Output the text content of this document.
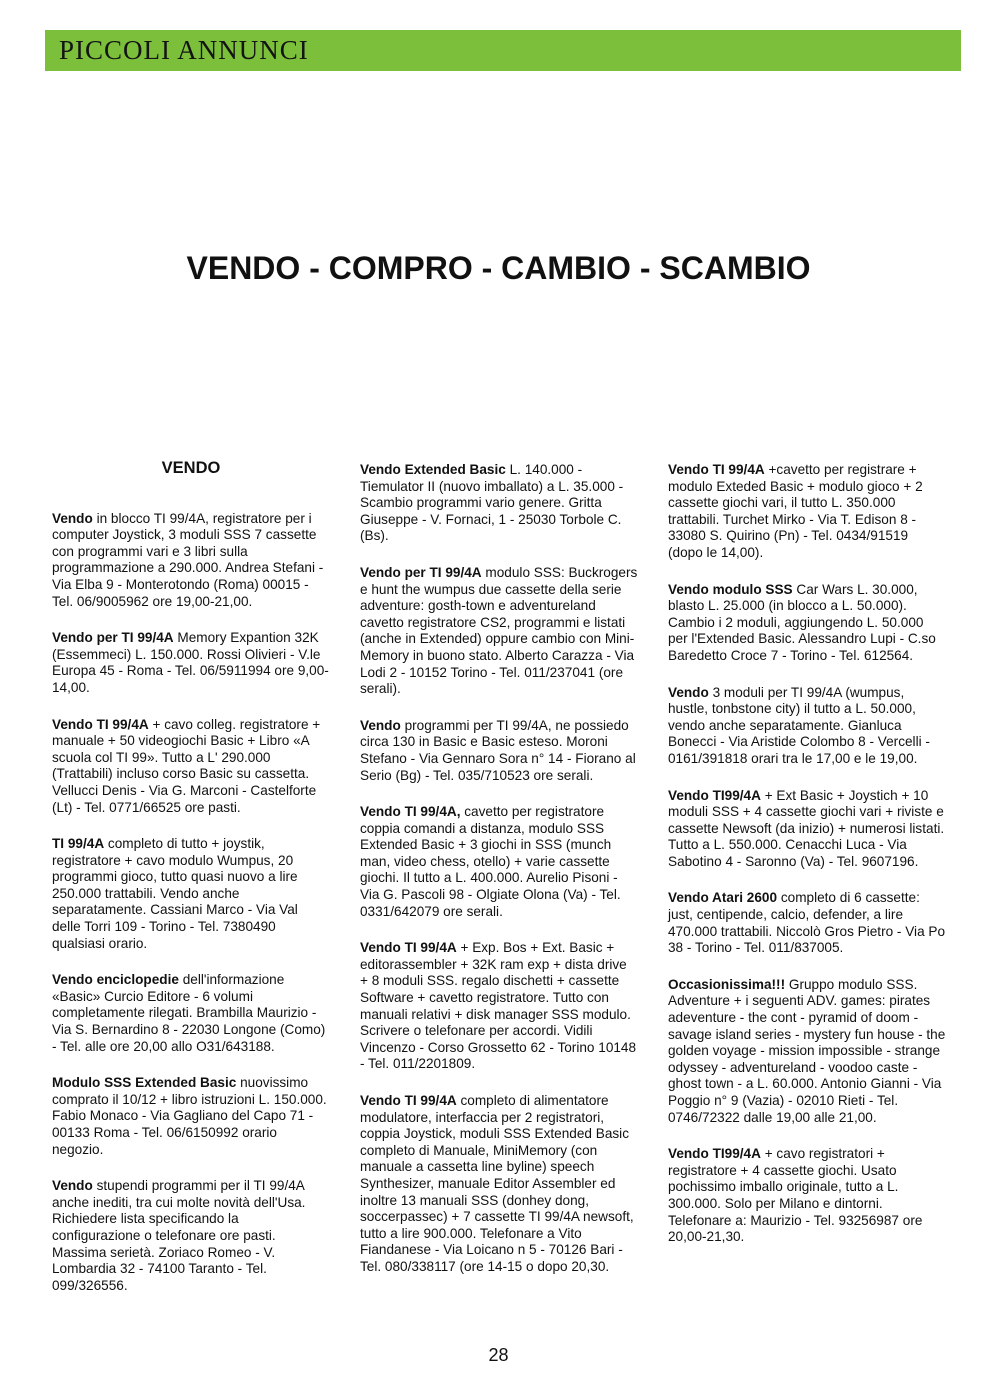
PICCOLI ANNUNCI
VENDO - COMPRO - CAMBIO - SCAMBIO
VENDO

Vendo in blocco TI 99/4A, registratore per i computer Joystick, 3 moduli SSS 7 cassette con programmi vari e 3 libri sulla programmazione a 290.000. Andrea Stefani - Via Elba 9 - Monterotondo (Roma) 00015 - Tel. 06/9005962 ore 19,00-21,00.

Vendo per TI 99/4A Memory Expantion 32K (Essemmeci) L. 150.000. Rossi Olivieri - V.le Europa 45 - Roma - Tel. 06/5911994 ore 9,00-14,00.

Vendo TI 99/4A + cavo colleg. registratore + manuale + 50 videogiochi Basic + Libro «A scuola col TI 99». Tutto a L' 290.000 (Trattabili) incluso corso Basic su cassetta. Vellucci Denis - Via G. Marconi - Castelforte (Lt) - Tel. 0771/66525 ore pasti.

TI 99/4A completo di tutto + joystik, registratore + cavo modulo Wumpus, 20 programmi gioco, tutto quasi nuovo a lire 250.000 trattabili. Vendo anche separatamente. Cassiani Marco - Via Val delle Torri 109 - Torino - Tel. 7380490 qualsiasi orario.

Vendo enciclopedie dell'informazione «Basic» Curcio Editore - 6 volumi completamente rilegati. Brambilla Maurizio - Via S. Bernardino 8 - 22030 Longone (Como) - Tel. alle ore 20,00 allo O31/643188.

Modulo SSS Extended Basic nuovissimo comprato il 10/12 + libro istruzioni L. 150.000. Fabio Monaco - Via Gagliano del Capo 71 - 00133 Roma - Tel. 06/6150992 orario negozio.

Vendo stupendi programmi per il TI 99/4A anche inediti, tra cui molte novità dell'Usa. Richiedere lista specificando la configurazione o telefonare ore pasti. Massima serietà. Zoriaco Romeo - V. Lombardia 32 - 74100 Taranto - Tel. 099/326556.

Vendo Extended Basic L. 140.000 - Tiemulator II (nuovo imballato) a L. 35.000 - Scambio programmi vario genere. Gritta Giuseppe - V. Fornaci, 1 - 25030 Torbole C. (Bs).

Vendo per TI 99/4A modulo SSS: Buckrogers e hunt the wumpus due cassette della serie adventure: gosth-town e adventureland cavetto registratore CS2, programmi e listati (anche in Extended) oppure cambio con Mini-Memory in buono stato. Alberto Carazza - Via Lodi 2 - 10152 Torino - Tel. 011/237041 (ore serali).

Vendo programmi per TI 99/4A, ne possiedo circa 130 in Basic e Basic esteso. Moroni Stefano - Via Gennaro Sora n° 14 - Fiorano al Serio (Bg) - Tel. 035/710523 ore serali.

Vendo TI 99/4A, cavetto per registratore coppia comandi a distanza, modulo SSS Extended Basic + 3 giochi in SSS (munch man, video chess, otello) + varie cassette giochi. Il tutto a L. 400.000. Aurelio Pisoni - Via G. Pascoli 98 - Olgiate Olona (Va) - Tel. 0331/642079 ore serali.

Vendo TI 99/4A + Exp. Bos + Ext. Basic + editorassembler + 32K ram exp + dista drive + 8 moduli SSS. regalo dischetti + cassette Software + cavetto registratore. Tutto con manuali relativi + disk manager SSS modulo. Scrivere o telefonare per accordi. Vidili Vincenzo - Corso Grossetto 62 - Torino 10148 - Tel. 011/2201809.

Vendo TI 99/4A completo di alimentatore modulatore, interfaccia per 2 registratori, coppia Joystick, moduli SSS Extended Basic completo di Manuale, MiniMemory (con manuale a cassetta line byline) speech Synthesizer, manuale Editor Assembler ed inoltre 13 manuali SSS (donhey dong, soccerpassec) + 7 cassette TI 99/4A newsoft, tutto a lire 900.000. Telefonare a Vito Fiandanese - Via Loicano n 5 - 70126 Bari - Tel. 080/338117 (ore 14-15 o dopo 20,30.

Vendo TI 99/4A +cavetto per registrare + modulo Exteded Basic + modulo gioco + 2 cassette giochi vari, il tutto L. 350.000 trattabili. Turchet Mirko - Via T. Edison 8 - 33080 S. Quirino (Pn) - Tel. 0434/91519 (dopo le 14,00).

Vendo modulo SSS Car Wars L. 30.000, blasto L. 25.000 (in blocco a L. 50.000). Cambio i 2 moduli, aggiungendo L. 50.000 per l'Extended Basic. Alessandro Lupi - C.so Baredetto Croce 7 - Torino - Tel. 612564.

Vendo 3 moduli per TI 99/4A (wumpus, hustle, tonbstone city) il tutto a L. 50.000, vendo anche separatamente. Gianluca Bonecci - Via Aristide Colombo 8 - Vercelli - 0161/391818 orari tra le 17,00 e le 19,00.

Vendo TI99/4A + Ext Basic + Joystich + 10 moduli SSS + 4 cassette giochi vari + riviste e cassette Newsoft (da inizio) + numerosi listati. Tutto a L. 550.000. Cenacchi Luca - Via Sabotino 4 - Saronno (Va) - Tel. 9607196.

Vendo Atari 2600 completo di 6 cassette: just, centipende, calcio, defender, a lire 470.000 trattabili. Niccolò Gros Pietro - Via Po 38 - Torino - Tel. 011/837005.

Occasionissima!!! Gruppo modulo SSS. Adventure + i seguenti ADV. games: pirates adeventure - the cont - pyramid of doom - savage island series - mystery fun house - the golden voyage - mission impossible - strange odyssey - adventureland - voodoo caste - ghost town - a L. 60.000. Antonio Gianni - Via Poggio n° 9 (Vazia) - 02010 Rieti - Tel. 0746/72322 dalle 19,00 alle 21,00.

Vendo TI99/4A + cavo registratori + registratore + 4 cassette giochi. Usato pochissimo imballo originale, tutto a L. 300.000. Solo per Milano e dintorni. Telefonare a: Maurizio - Tel. 93256987 ore 20,00-21,30.

28
